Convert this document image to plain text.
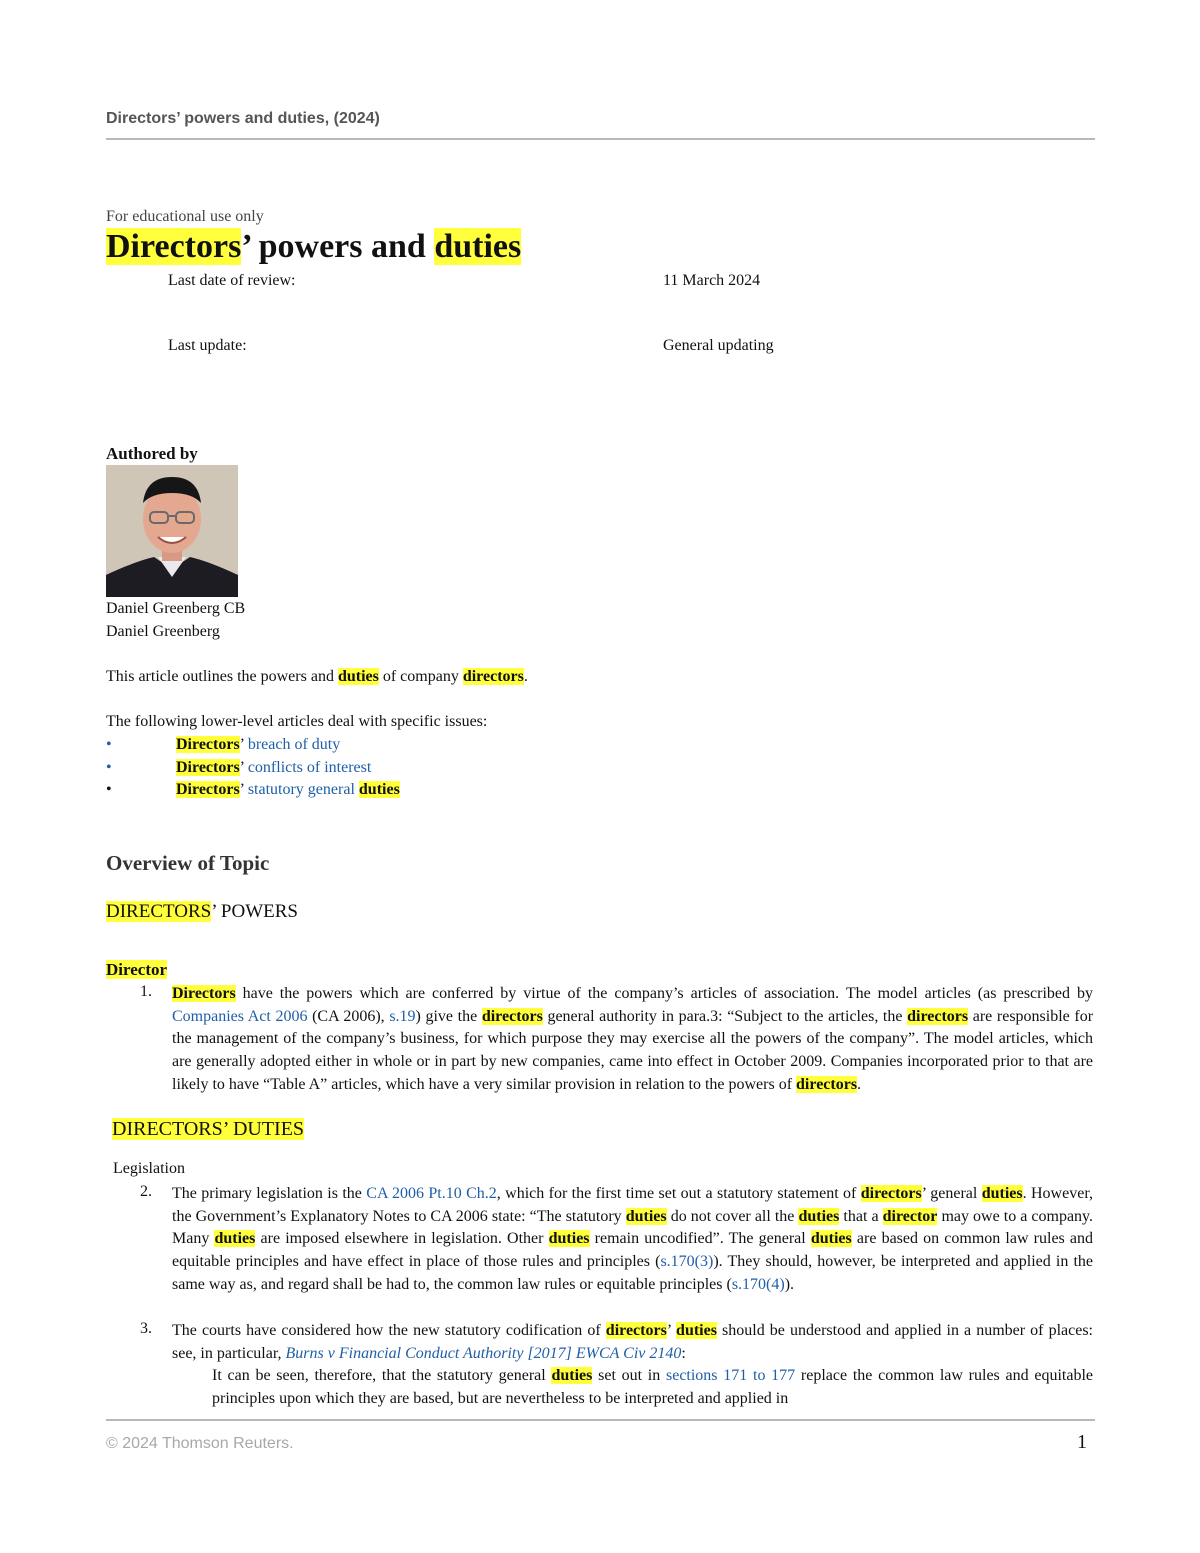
Directors’ powers and duties, (2024)
For educational use only
Directors’ powers and duties
Last date of review:	11 March 2024
Last update:	General updating
Authored by
Daniel Greenberg CB
Daniel Greenberg
This article outlines the powers and duties of company directors.
The following lower-level articles deal with specific issues:
•	Directors’ breach of duty
•	Directors’ conflicts of interest
•	Directors’ statutory general duties
Overview of Topic
DIRECTORS’ POWERS
Director
1. Directors have the powers which are conferred by virtue of the company’s articles of association. The model articles (as prescribed by Companies Act 2006 (CA 2006), s.19) give the directors general authority in para.3: “Subject to the articles, the directors are responsible for the management of the company’s business, for which purpose they may exercise all the powers of the company”. The model articles, which are generally adopted either in whole or in part by new companies, came into effect in October 2009. Companies incorporated prior to that are likely to have “Table A” articles, which have a very similar provision in relation to the powers of directors.
DIRECTORS’ DUTIES
Legislation
2. The primary legislation is the CA 2006 Pt.10 Ch.2, which for the first time set out a statutory statement of directors’ general duties. However, the Government’s Explanatory Notes to CA 2006 state: “The statutory duties do not cover all the duties that a director may owe to a company. Many duties are imposed elsewhere in legislation. Other duties remain uncodified”. The general duties are based on common law rules and equitable principles and have effect in place of those rules and principles (s.170(3)). They should, however, be interpreted and applied in the same way as, and regard shall be had to, the common law rules or equitable principles (s.170(4)).
3. The courts have considered how the new statutory codification of directors’ duties should be understood and applied in a number of places: see, in particular, Burns v Financial Conduct Authority [2017] EWCA Civ 2140:
It can be seen, therefore, that the statutory general duties set out in sections 171 to 177 replace the common law rules and equitable principles upon which they are based, but are nevertheless to be interpreted and applied in
© 2024 Thomson Reuters.	1
